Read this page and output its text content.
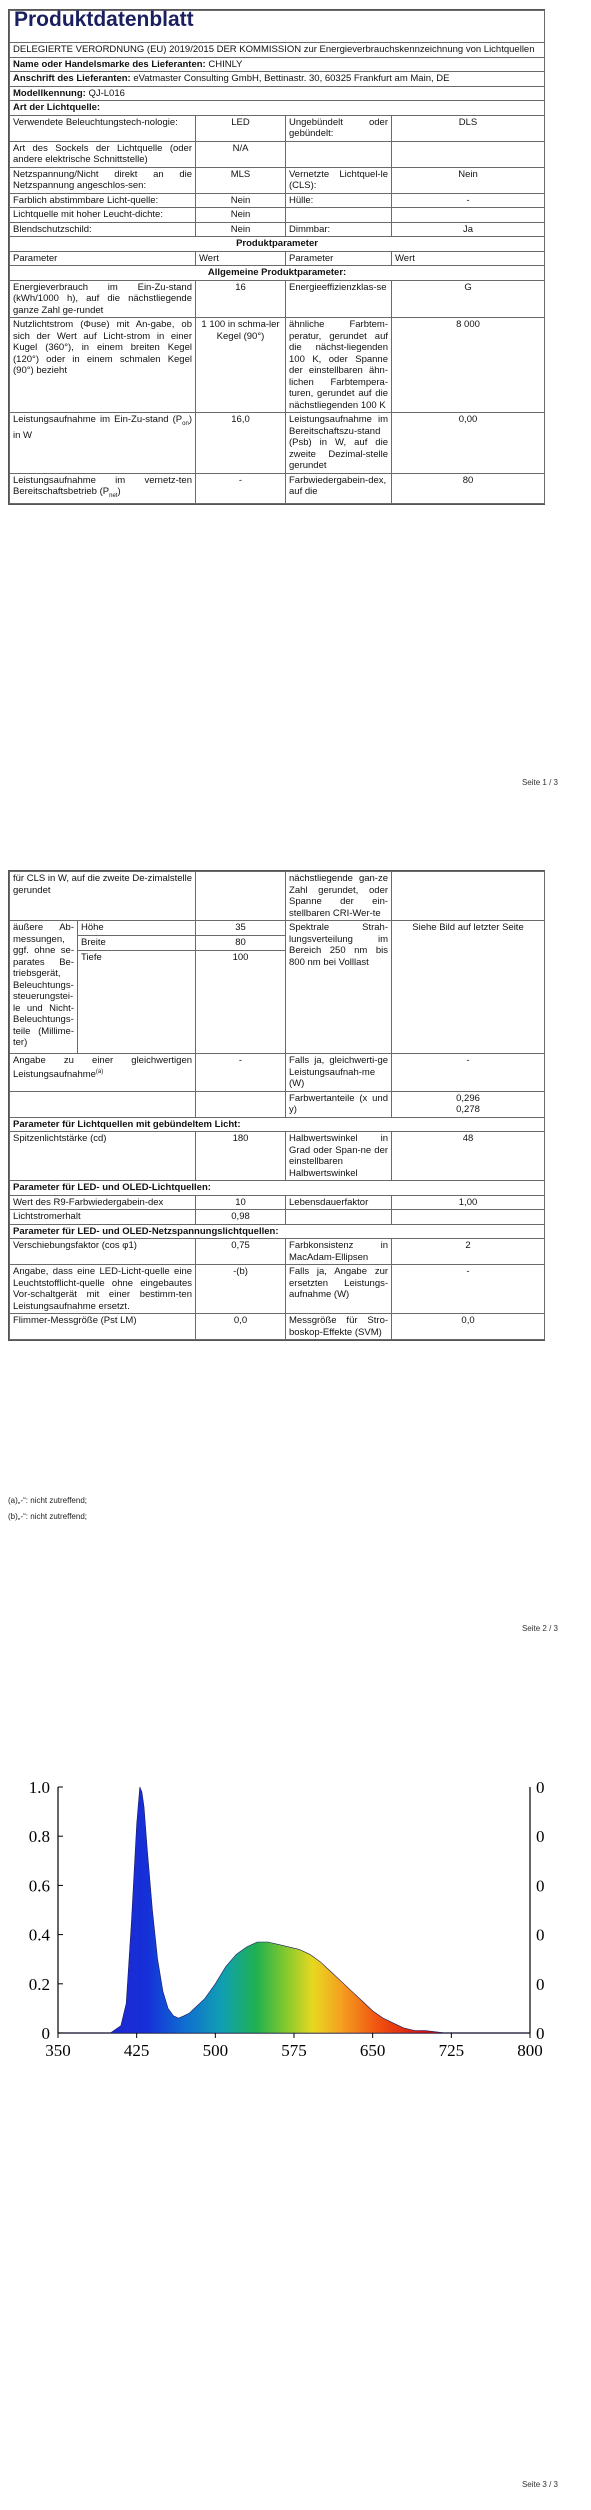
Produktdatenblatt			
DELEGIERTE VERORDNUNG (EU) 2019/2015 DER KOMMISSION zur Energieverbrauchskennzeichnung von Lichtquellen			
Name oder Handelsmarke des Lieferanten: CHINLY			
Anschrift des Lieferanten: eVatmaster Consulting GmbH, Bettinastr. 30, 60325 Frankfurt am Main, DE			
Modellkennung: QJ-L016			
Art der Lichtquelle:			
Verwendete Beleuchtungstech-nologie:	LED	Ungebündelt oder gebündelt:	DLS
Art des Sockels der Lichtquelle (oder andere elektrische Schnittstelle)	N/A		
Netzspannung/Nicht direkt an die Netzspannung angeschlos-sen:	MLS	Vernetzte Lichtquel-le (CLS):	Nein
Farblich abstimmbare Licht-quelle:	Nein	Hülle:	-
Lichtquelle mit hoher Leucht-dichte:	Nein		
Blendschutzschild:	Nein	Dimmbar:	Ja
Produktparameter			
Parameter	Wert	Parameter	Wert
Allgemeine Produktparameter:			
Energieverbrauch im Ein-Zu-stand (kWh/1000 h), auf die nächstliegende ganze Zahl ge-rundet	16	Energieeffizienzklas-se	G
Nutzlichtstrom (Φuse) mit An-gabe, ob sich der Wert auf Licht-strom in einer Kugel (360°), in einem breiten Kegel (120°) oder in einem schmalen Kegel (90°) bezieht	1 100 in schma-ler Kegel (90°)	ähnliche Farbtem-peratur, gerundet auf die nächst-liegenden 100 K, oder Spanne der einstellbaren ähn-lichen Farbtempera-turen, gerundet auf die nächstliegenden 100 K	8 000
Leistungsaufnahme im Ein-Zu-stand $(P_{on})$ in W	16,0	Leistungsaufnahme im Bereitschaftszu-stand (Psb) in W, auf die zweite Dezimal-stelle gerundet	0,00
Leistungsaufnahme im vernetz-ten Bereitschaftsbetrieb $(P_{net})$	-	Farbwiedergabein-dex, auf die	80
Seite 1 / 3
für CLS in W, auf die zweite De-zimalstelle gerundet			nächstliegende gan-ze Zahl gerundet, oder Spanne der ein-stellbaren CRI-Wer-te	
äußere Ab-messungen, ggf. ohne se-parates Be-triebsgerät, Beleuchtungs-steuerungstei-le und Nicht-Beleuchtungs-teile (Millime-ter)	Höhe	35	Spektrale Strah-lungsverteilung im Bereich 250 nm bis 800 nm bei Volllast	Siehe Bild auf letzter Seite
	Breite	80		
	Tiefe	100		
Angabe zu einer gleichwertigen Leistungsaufnahme$^{(a)}$		-	Falls ja, gleichwerti-ge Leistungsaufnah-me (W)	-
			Farbwertanteile (x und y)	0,296
0,278

Parameter für Lichtquellen mit gebündeltem Licht:				
Spitzenlichtstärke (cd)		180	Halbwertswinkel in Grad oder Span-ne der einstellbaren Halbwertswinkel	48
Parameter für LED- und OLED-Lichtquellen:				
Wert des R9-Farbwiedergabein-dex		10	Lebensdauerfaktor	1,00
Lichtstromerhalt		0,98		
Parameter für LED- und OLED-Netzspannungslichtquellen:				
Verschiebungsfaktor (cos φ1)		0,75	Farbkonsistenz in MacAdam-Ellipsen	2
Angabe, dass eine LED-Licht-quelle eine Leuchtstofflicht-quelle ohne eingebautes Vor-schaltgerät mit einer bestimm-ten Leistungsaufnahme ersetzt.		-(b)	Falls ja, Angabe zur ersetzten Leistungs-aufnahme (W)	-
Flimmer-Messgröße (Pst LM)		0,0	Messgröße für Stro-boskop-Effekte (SVM)	0,0
(a)„-“: nicht zutreffend;
(b)„-“: nicht zutreffend;
Seite 2 / 3
350	425	500	575	650	725	800
0
0.2
0.4
0.6
0.8
1.0
0
0
0
0
0
0
Seite 3 / 3
